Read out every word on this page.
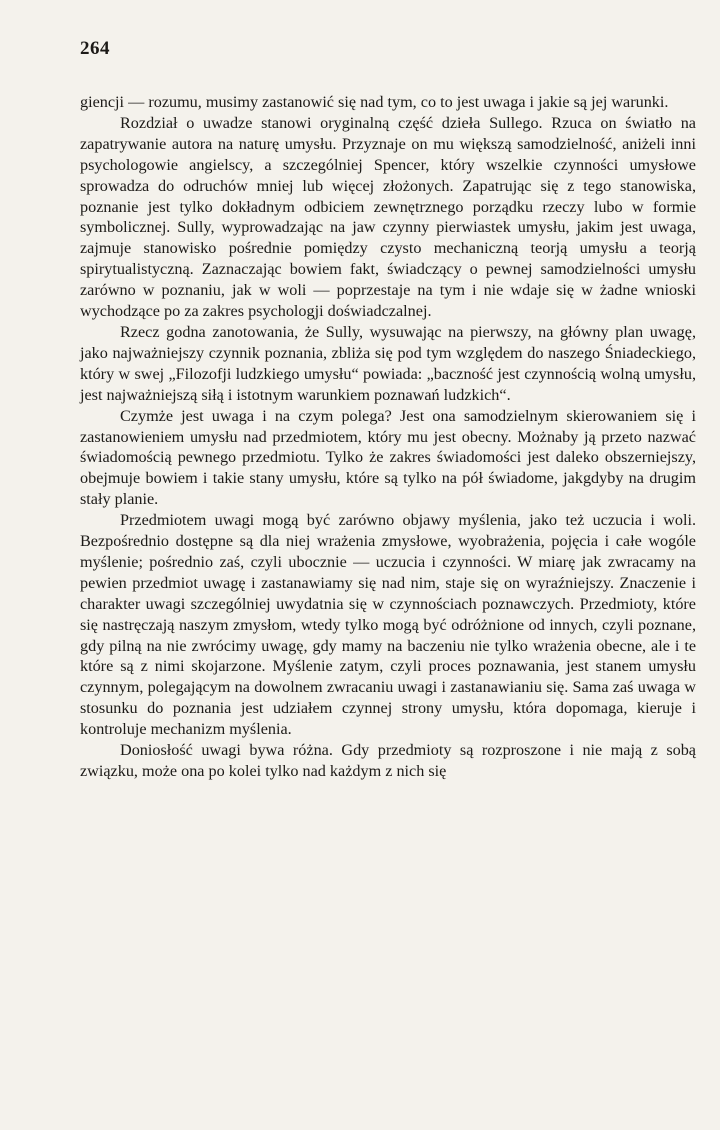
264

giencji — rozumu, musimy zastanowić się nad tym, co to jest uwaga i jakie są jej warunki.

Rozdział o uwadze stanowi oryginalną część dzieła Sullego. Rzuca on światło na zapatrywanie autora na naturę umysłu. Przyznaje on mu większą samodzielność, aniżeli inni psychologowie angielscy, a szczególniej Spencer, który wszelkie czynności umysłowe sprowadza do odruchów mniej lub więcej złożonych. Zapatrując się z tego stanowiska, poznanie jest tylko dokładnym odbiciem zewnętrznego porządku rzeczy lubo w formie symbolicznej. Sully, wyprowadzając na jaw czynny pierwiastek umysłu, jakim jest uwaga, zajmuje stanowisko pośrednie pomiędzy czysto mechaniczną teorją umysłu a teorją spirytualistyczną. Zaznaczając bowiem fakt, świadczący o pewnej samodzielności umysłu zarówno w poznaniu, jak w woli — poprzestaje na tym i nie wdaje się w żadne wnioski wychodzące po za zakres psychologji doświadczalnej.

Rzecz godna zanotowania, że Sully, wysuwając na pierwszy, na główny plan uwagę, jako najważniejszy czynnik poznania, zbliża się pod tym względem do naszego Śniadeckiego, który w swej „Filozofji ludzkiego umysłu“ powiada: „baczność jest czynnością wolną umysłu, jest najważniejszą siłą i istotnym warunkiem poznawań ludzkich“.

Czymże jest uwaga i na czym polega? Jest ona samodzielnym skierowaniem się i zastanowieniem umysłu nad przedmiotem, który mu jest obecny. Możnaby ją przeto nazwać świadomością pewnego przedmiotu. Tylko że zakres świadomości jest daleko obszerniejszy, obejmuje bowiem i takie stany umysłu, które są tylko na pół świadome, jakgdyby na drugim stały planie.

Przedmiotem uwagi mogą być zarówno objawy myślenia, jako też uczucia i woli. Bezpośrednio dostępne są dla niej wrażenia zmysłowe, wyobrażenia, pojęcia i całe wogóle myślenie; pośrednio zaś, czyli ubocznie — uczucia i czynności. W miarę jak zwracamy na pewien przedmiot uwagę i zastanawiamy się nad nim, staje się on wyraźniejszy. Znaczenie i charakter uwagi szczególniej uwydatnia się w czynnościach poznawczych. Przedmioty, które się nastręczają naszym zmysłom, wtedy tylko mogą być odróżnione od innych, czyli poznane, gdy pilną na nie zwrócimy uwagę, gdy mamy na baczeniu nie tylko wrażenia obecne, ale i te które są z nimi skojarzone. Myślenie zatym, czyli proces poznawania, jest stanem umysłu czynnym, polegającym na dowolnem zwracaniu uwagi i zastanawianiu się. Sama zaś uwaga w stosunku do poznania jest udziałem czynnej strony umysłu, która dopomaga, kieruje i kontroluje mechanizm myślenia.

Doniosłość uwagi bywa różna. Gdy przedmioty są rozproszone i nie mają z sobą związku, może ona po kolei tylko nad każdym z nich się
